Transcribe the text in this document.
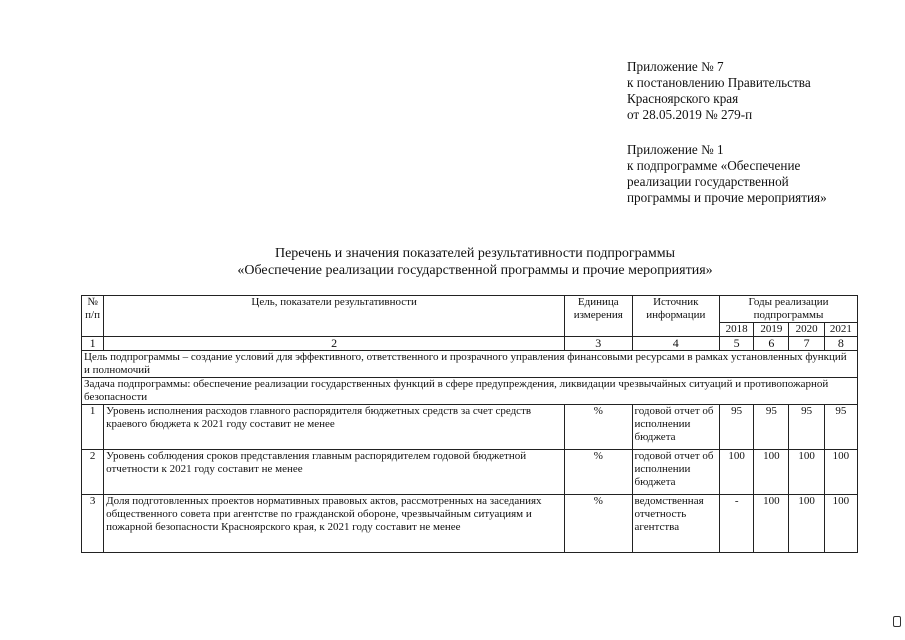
Приложение № 7
к постановлению Правительства
Красноярского края
от 28.05.2019 № 279-п
Приложение № 1
к подпрограмме «Обеспечение
реализации государственной
программы и прочие мероприятия»
Перечень и значения показателей результативности подпрограммы
«Обеспечение реализации государственной программы и прочие мероприятия»
№ п/п	Цель, показатели результативности	Единица измерения	Источник информации	Годы реализации подпрограммы			
				2018	2019	2020	2021
1	2	3	4	5	6	7	8
Цель подпрограммы – создание условий для эффективного, ответственного и прозрачного управления финансовыми ресурсами в рамках установленных функций и полномочий							
Задача подпрограммы: обеспечение реализации государственных функций в сфере предупреждения, ликвидации чрезвычайных ситуаций и противопожарной безопасности							
1	Уровень исполнения расходов главного распорядителя бюджетных средств за счет средств краевого бюджета к 2021 году составит не менее	%	годовой отчет об исполнении бюджета	95	95	95	95
2	Уровень соблюдения сроков представления главным распорядителем годовой бюджетной отчетности к 2021 году составит не менее	%	годовой отчет об исполнении бюджета	100	100	100	100
3	Доля подготовленных проектов нормативных правовых актов, рассмотренных на заседаниях общественного совета при агентстве по гражданской обороне, чрезвычайным ситуациям и пожарной безопасности Красноярского края, к 2021 году составит не менее	%	ведомственная отчетность агентства	-	100	100	100
